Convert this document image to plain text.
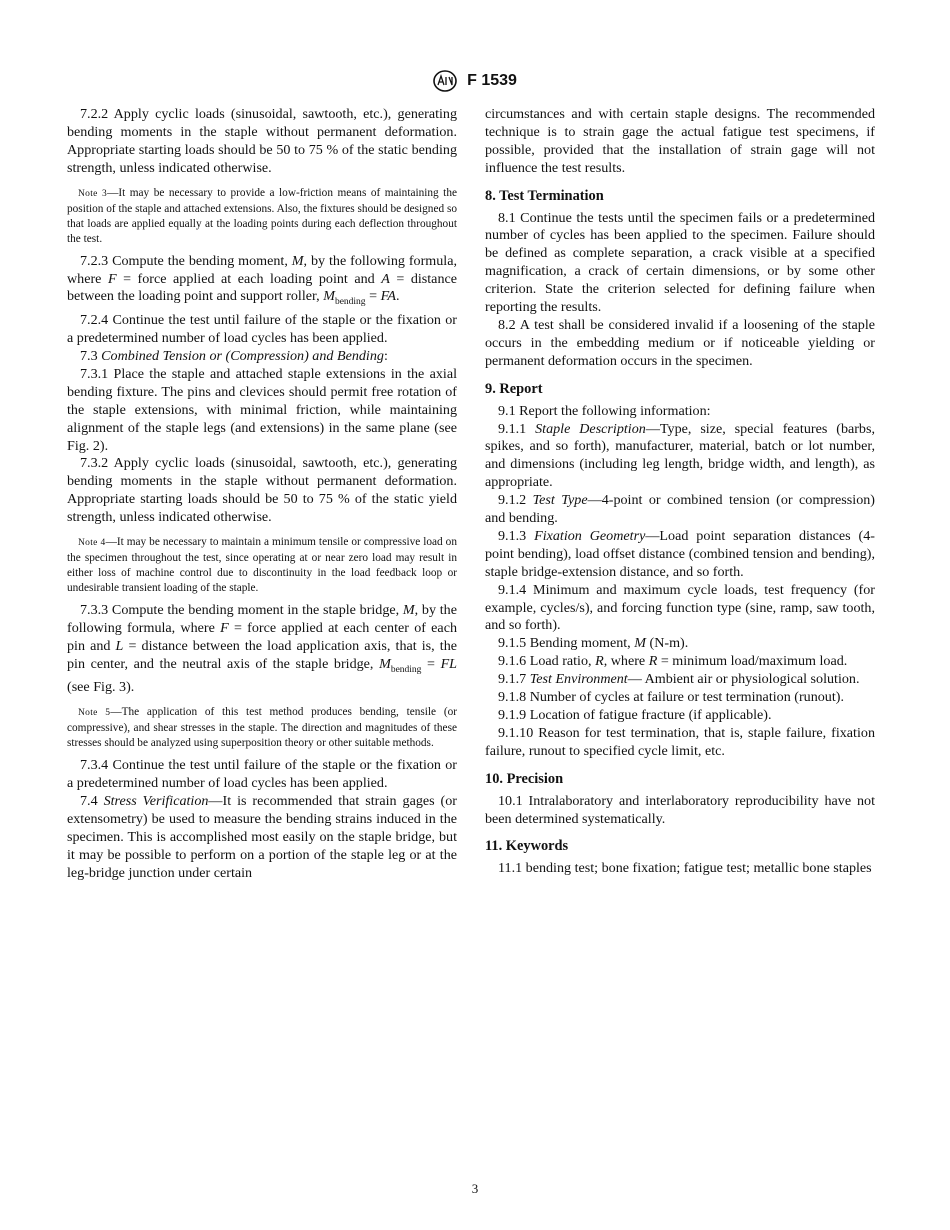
F 1539

7.2.2 Apply cyclic loads (sinusoidal, sawtooth, etc.), generating bending moments in the staple without permanent deformation. Appropriate starting loads should be 50 to 75 % of the static bending strength, unless indicated otherwise.

Note 3—It may be necessary to provide a low-friction means of maintaining the position of the staple and attached extensions. Also, the fixtures should be designed so that loads are applied equally at the loading points during each deflection throughout the test.

7.2.3 Compute the bending moment, M, by the following formula, where F = force applied at each loading point and A = distance between the loading point and support roller, $M_{bending}$ = FA.

7.2.4 Continue the test until failure of the staple or the fixation or a predetermined number of load cycles has been applied.

7.3 Combined Tension or (Compression) and Bending:

7.3.1 Place the staple and attached staple extensions in the axial bending fixture. The pins and clevices should permit free rotation of the staple extensions, with minimal friction, while maintaining alignment of the staple legs (and extensions) in the same plane (see Fig. 2).

7.3.2 Apply cyclic loads (sinusoidal, sawtooth, etc.), generating bending moments in the staple without permanent deformation. Appropriate starting loads should be 50 to 75 % of the static yield strength, unless indicated otherwise.

Note 4—It may be necessary to maintain a minimum tensile or compressive load on the specimen throughout the test, since operating at or near zero load may result in either loss of machine control due to discontinuity in the load feedback loop or undesirable transient loading of the staple.

7.3.3 Compute the bending moment in the staple bridge, M, by the following formula, where F = force applied at each center of each pin and L = distance between the load application axis, that is, the pin center, and the neutral axis of the staple bridge, $M_{bending}$ = FL (see Fig. 3).

Note 5—The application of this test method produces bending, tensile (or compressive), and shear stresses in the staple. The direction and magnitudes of these stresses should be analyzed using superposition theory or other suitable methods.

7.3.4 Continue the test until failure of the staple or the fixation or a predetermined number of load cycles has been applied.

7.4 Stress Verification—It is recommended that strain gages (or extensometry) be used to measure the bending strains induced in the specimen. This is accomplished most easily on the staple bridge, but it may be possible to perform on a portion of the staple leg or at the leg-bridge junction under certain

circumstances and with certain staple designs. The recommended technique is to strain gage the actual fatigue test specimens, if possible, provided that the installation of strain gage will not influence the test results.

8. Test Termination

8.1 Continue the tests until the specimen fails or a predetermined number of cycles has been applied to the specimen. Failure should be defined as complete separation, a crack visible at a specified magnification, a crack of certain dimensions, or by some other criterion. State the criterion selected for defining failure when reporting the results.

8.2 A test shall be considered invalid if a loosening of the staple occurs in the embedding medium or if noticeable yielding or permanent deformation occurs in the specimen.

9. Report

9.1 Report the following information:

9.1.1 Staple Description—Type, size, special features (barbs, spikes, and so forth), manufacturer, material, batch or lot number, and dimensions (including leg length, bridge width, and length), as appropriate.

9.1.2 Test Type—4-point or combined tension (or compression) and bending.

9.1.3 Fixation Geometry—Load point separation distances (4-point bending), load offset distance (combined tension and bending), staple bridge-extension distance, and so forth.

9.1.4 Minimum and maximum cycle loads, test frequency (for example, cycles/s), and forcing function type (sine, ramp, saw tooth, and so forth).

9.1.5 Bending moment, M (N-m).

9.1.6 Load ratio, R, where R = minimum load/maximum load.

9.1.7 Test Environment— Ambient air or physiological solution.

9.1.8 Number of cycles at failure or test termination (runout).

9.1.9 Location of fatigue fracture (if applicable).

9.1.10 Reason for test termination, that is, staple failure, fixation failure, runout to specified cycle limit, etc.

10. Precision

10.1 Intralaboratory and interlaboratory reproducibility have not been determined systematically.

11. Keywords

11.1 bending test; bone fixation; fatigue test; metallic bone staples

3
